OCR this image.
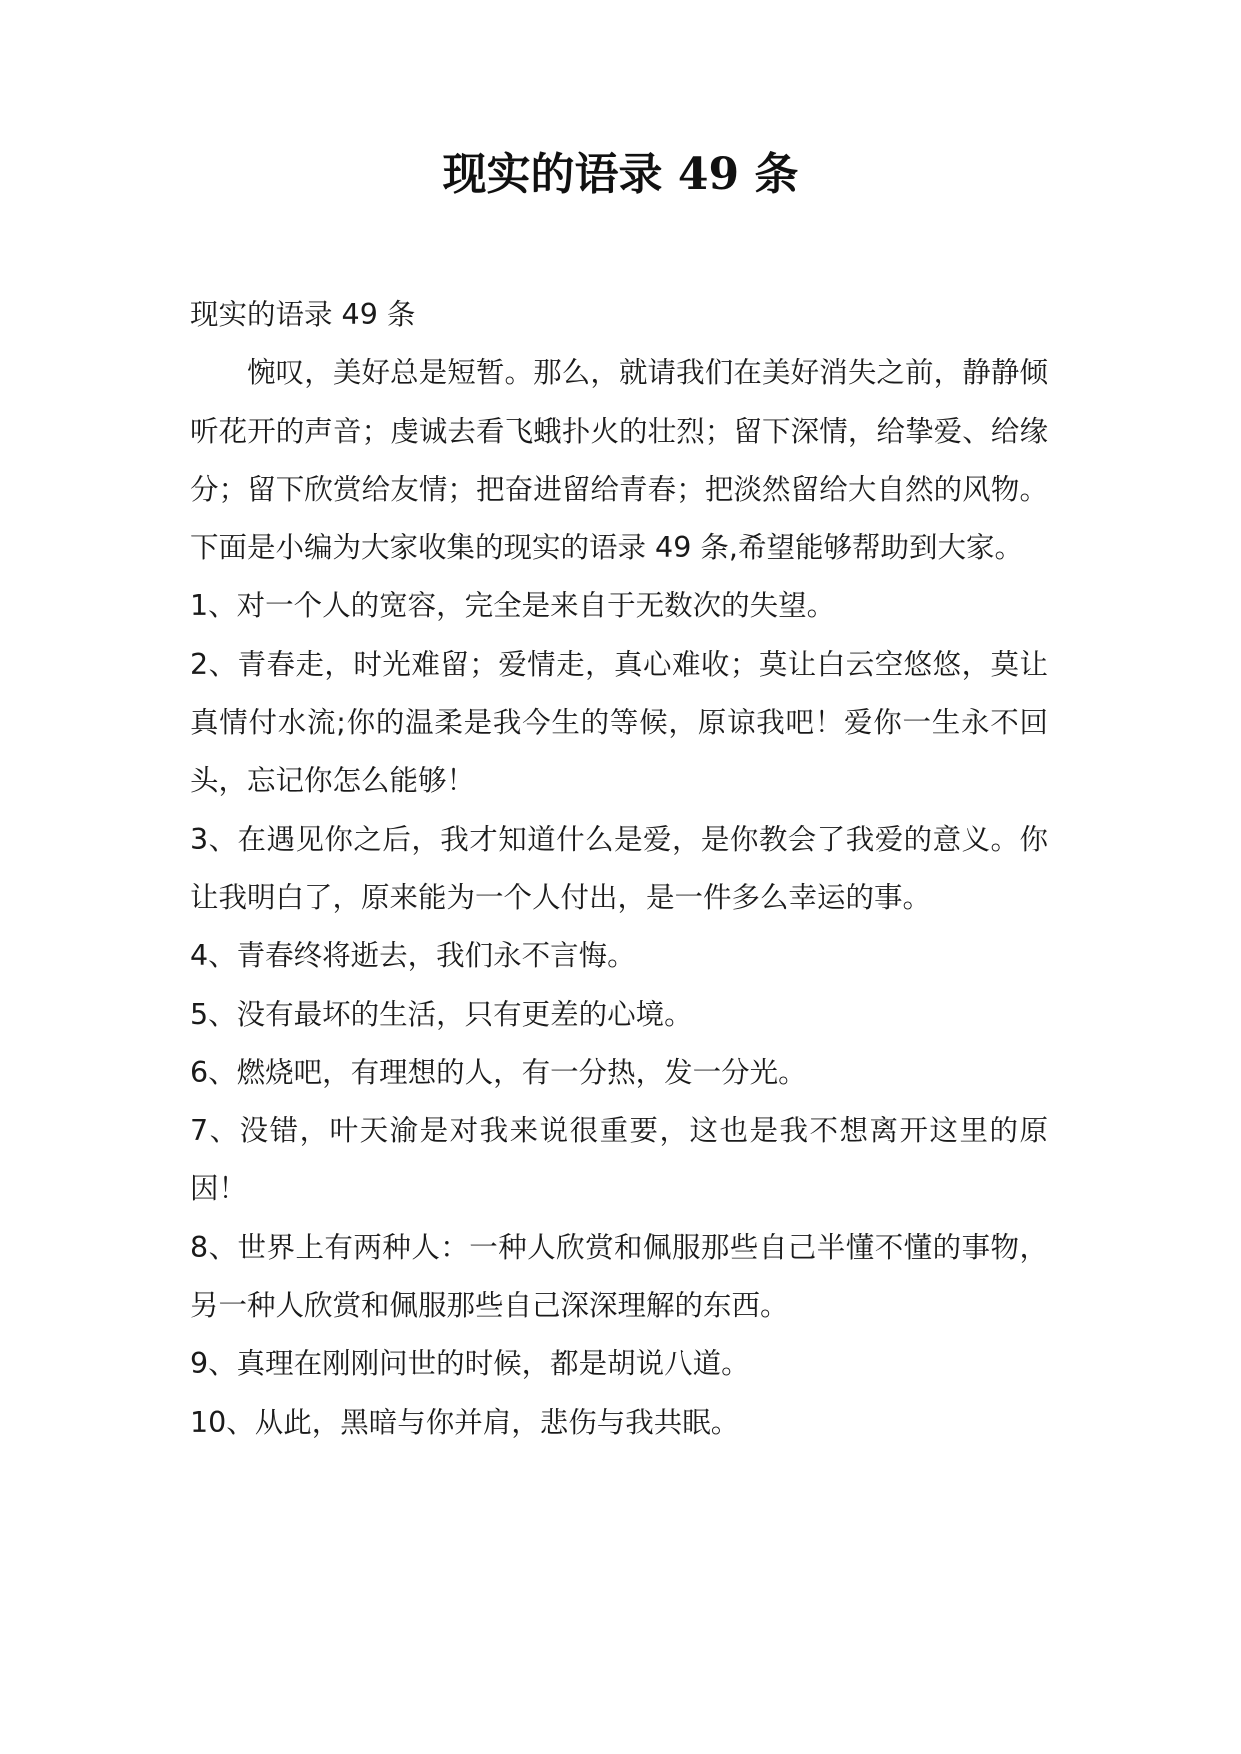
现实的语录 49 条

现实的语录 49 条

惋叹，美好总是短暂。那么，就请我们在美好消失之前，静静倾听花开的声音；虔诚去看飞蛾扑火的壮烈；留下深情，给挚爱、给缘分；留下欣赏给友情；把奋进留给青春；把淡然留给大自然的风物。下面是小编为大家收集的现实的语录 49 条,希望能够帮助到大家。

1、对一个人的宽容，完全是来自于无数次的失望。

2、青春走，时光难留；爱情走，真心难收；莫让白云空悠悠，莫让真情付水流;你的温柔是我今生的等候，原谅我吧！爱你一生永不回头，忘记你怎么能够！

3、在遇见你之后，我才知道什么是爱，是你教会了我爱的意义。你让我明白了，原来能为一个人付出，是一件多么幸运的事。

4、青春终将逝去，我们永不言悔。

5、没有最坏的生活，只有更差的心境。

6、燃烧吧，有理想的人，有一分热，发一分光。

7、没错，叶天渝是对我来说很重要，这也是我不想离开这里的原因！

8、世界上有两种人：一种人欣赏和佩服那些自己半懂不懂的事物，另一种人欣赏和佩服那些自己深深理解的东西。

9、真理在刚刚问世的时候，都是胡说八道。

10、从此，黑暗与你并肩，悲伤与我共眠。
